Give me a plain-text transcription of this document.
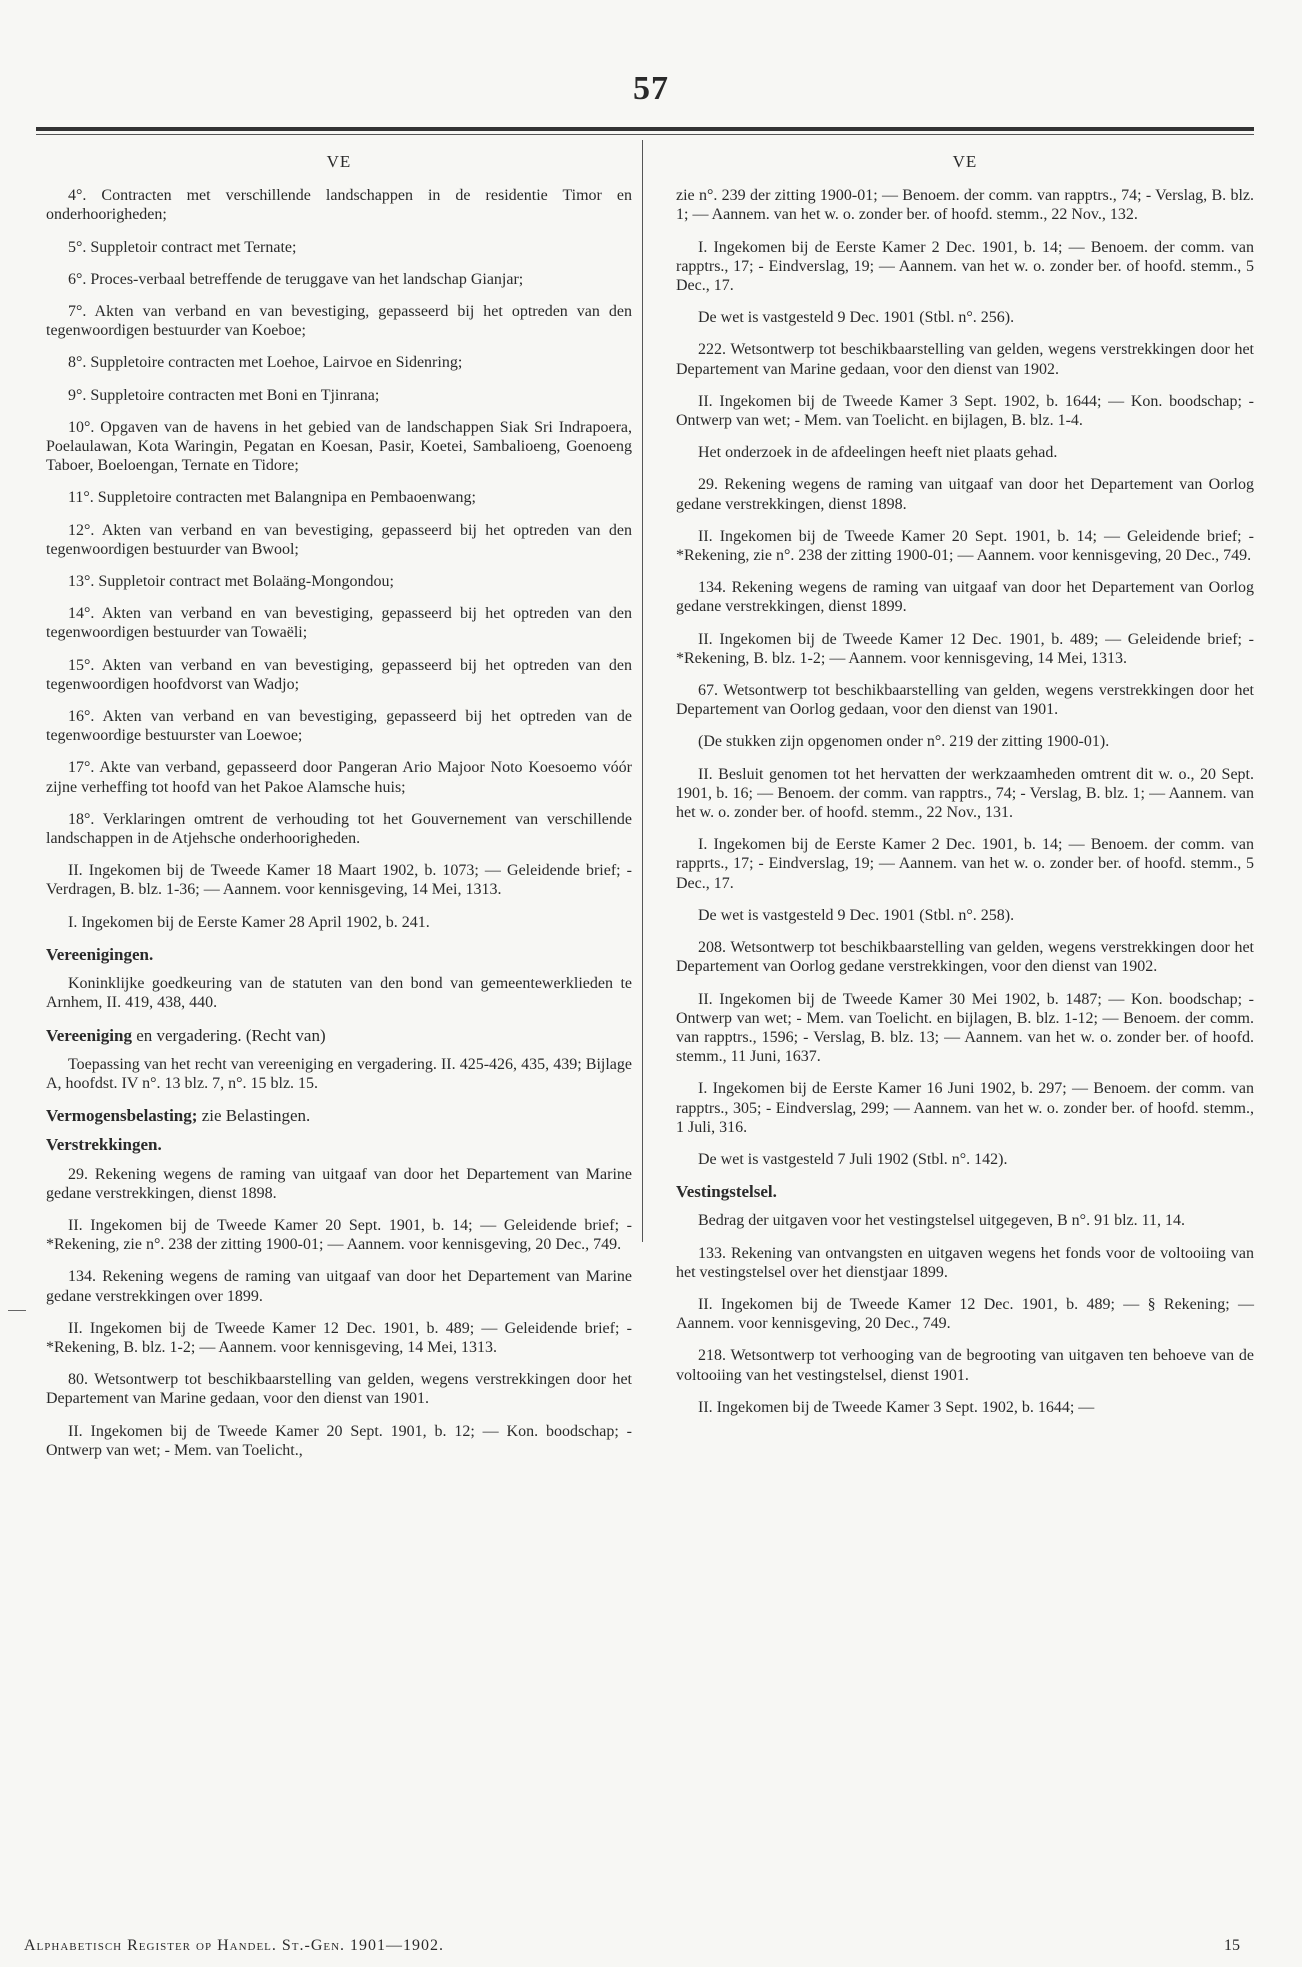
57
VE

4°. Contracten met verschillende landschappen in de residentie Timor en onderhoorigheden;

5°. Suppletoir contract met Ternate;

6°. Proces-verbaal betreffende de teruggave van het landschap Gianjar;

7°. Akten van verband en van bevestiging, gepasseerd bij het optreden van den tegenwoordigen bestuurder van Koeboe;

8°. Suppletoire contracten met Loehoe, Lairvoe en Sidenring;

9°. Suppletoire contracten met Boni en Tjinrana;

10°. Opgaven van de havens in het gebied van de landschappen Siak Sri Indrapoera, Poelaulawan, Kota Waringin, Pegatan en Koesan, Pasir, Koetei, Sambalioeng, Goenoeng Taboer, Boeloengan, Ternate en Tidore;

11°. Suppletoire contracten met Balangnipa en Pembaoenwang;

12°. Akten van verband en van bevestiging, gepasseerd bij het optreden van den tegenwoordigen bestuurder van Bwool;

13°. Suppletoir contract met Bolaäng-Mongondou;

14°. Akten van verband en van bevestiging, gepasseerd bij het optreden van den tegenwoordigen bestuurder van Towaëli;

15°. Akten van verband en van bevestiging, gepasseerd bij het optreden van den tegenwoordigen hoofdvorst van Wadjo;

16°. Akten van verband en van bevestiging, gepasseerd bij het optreden van de tegenwoordige bestuurster van Loewoe;

17°. Akte van verband, gepasseerd door Pangeran Ario Majoor Noto Koesoemo vóór zijne verheffing tot hoofd van het Pakoe Alamsche huis;

18°. Verklaringen omtrent de verhouding tot het Gouvernement van verschillende landschappen in de Atjehsche onderhoorigheden.

II. Ingekomen bij de Tweede Kamer 18 Maart 1902, b. 1073; — Geleidende brief; - Verdragen, B. blz. 1-36; — Aannem. voor kennisgeving, 14 Mei, 1313.

I. Ingekomen bij de Eerste Kamer 28 April 1902, b. 241.

Vereenigingen.

Koninklijke goedkeuring van de statuten van den bond van gemeentewerklieden te Arnhem, II. 419, 438, 440.

Vereeniging en vergadering. (Recht van)

Toepassing van het recht van vereeniging en vergadering. II. 425-426, 435, 439; Bijlage A, hoofdst. IV n°. 13 blz. 7, n°. 15 blz. 15.

Vermogensbelasting; zie Belastingen.
Verstrekkingen.

29. Rekening wegens de raming van uitgaaf van door het Departement van Marine gedane verstrekkingen, dienst 1898.

II. Ingekomen bij de Tweede Kamer 20 Sept. 1901, b. 14; — Geleidende brief; - *Rekening, zie n°. 238 der zitting 1900-01; — Aannem. voor kennisgeving, 20 Dec., 749.

134. Rekening wegens de raming van uitgaaf van door het Departement van Marine gedane verstrekkingen over 1899.

II. Ingekomen bij de Tweede Kamer 12 Dec. 1901, b. 489; — Geleidende brief; - *Rekening, B. blz. 1-2; — Aannem. voor kennisgeving, 14 Mei, 1313.

80. Wetsontwerp tot beschikbaarstelling van gelden, wegens verstrekkingen door het Departement van Marine gedaan, voor den dienst van 1901.

II. Ingekomen bij de Tweede Kamer 20 Sept. 1901, b. 12; — Kon. boodschap; - Ontwerp van wet; - Mem. van Toelicht.,

VE

zie n°. 239 der zitting 1900-01; — Benoem. der comm. van rapptrs., 74; - Verslag, B. blz. 1; — Aannem. van het w. o. zonder ber. of hoofd. stemm., 22 Nov., 132.

I. Ingekomen bij de Eerste Kamer 2 Dec. 1901, b. 14; — Benoem. der comm. van rapptrs., 17; - Eindverslag, 19; — Aannem. van het w. o. zonder ber. of hoofd. stemm., 5 Dec., 17.

De wet is vastgesteld 9 Dec. 1901 (Stbl. n°. 256).

222. Wetsontwerp tot beschikbaarstelling van gelden, wegens verstrekkingen door het Departement van Marine gedaan, voor den dienst van 1902.

II. Ingekomen bij de Tweede Kamer 3 Sept. 1902, b. 1644; — Kon. boodschap; - Ontwerp van wet; - Mem. van Toelicht. en bijlagen, B. blz. 1-4.

Het onderzoek in de afdeelingen heeft niet plaats gehad.

29. Rekening wegens de raming van uitgaaf van door het Departement van Oorlog gedane verstrekkingen, dienst 1898.

II. Ingekomen bij de Tweede Kamer 20 Sept. 1901, b. 14; — Geleidende brief; - *Rekening, zie n°. 238 der zitting 1900-01; — Aannem. voor kennisgeving, 20 Dec., 749.

134. Rekening wegens de raming van uitgaaf van door het Departement van Oorlog gedane verstrekkingen, dienst 1899.

II. Ingekomen bij de Tweede Kamer 12 Dec. 1901, b. 489; — Geleidende brief; - *Rekening, B. blz. 1-2; — Aannem. voor kennisgeving, 14 Mei, 1313.

67. Wetsontwerp tot beschikbaarstelling van gelden, wegens verstrekkingen door het Departement van Oorlog gedaan, voor den dienst van 1901.

(De stukken zijn opgenomen onder n°. 219 der zitting 1900-01).

II. Besluit genomen tot het hervatten der werkzaamheden omtrent dit w. o., 20 Sept. 1901, b. 16; — Benoem. der comm. van rapptrs., 74; - Verslag, B. blz. 1; — Aannem. van het w. o. zonder ber. of hoofd. stemm., 22 Nov., 131.

I. Ingekomen bij de Eerste Kamer 2 Dec. 1901, b. 14; — Benoem. der comm. van rapprts., 17; - Eindverslag, 19; — Aannem. van het w. o. zonder ber. of hoofd. stemm., 5 Dec., 17.

De wet is vastgesteld 9 Dec. 1901 (Stbl. n°. 258).

208. Wetsontwerp tot beschikbaarstelling van gelden, wegens verstrekkingen door het Departement van Oorlog gedane verstrekkingen, voor den dienst van 1902.

II. Ingekomen bij de Tweede Kamer 30 Mei 1902, b. 1487; — Kon. boodschap; - Ontwerp van wet; - Mem. van Toelicht. en bijlagen, B. blz. 1-12; — Benoem. der comm. van rapptrs., 1596; - Verslag, B. blz. 13; — Aannem. van het w. o. zonder ber. of hoofd. stemm., 11 Juni, 1637.

I. Ingekomen bij de Eerste Kamer 16 Juni 1902, b. 297; — Benoem. der comm. van rapptrs., 305; - Eindverslag, 299; — Aannem. van het w. o. zonder ber. of hoofd. stemm., 1 Juli, 316.

De wet is vastgesteld 7 Juli 1902 (Stbl. n°. 142).

Vestingstelsel.

Bedrag der uitgaven voor het vestingstelsel uitgegeven, B n°. 91 blz. 11, 14.

133. Rekening van ontvangsten en uitgaven wegens het fonds voor de voltooiing van het vestingstelsel over het dienstjaar 1899.

II. Ingekomen bij de Tweede Kamer 12 Dec. 1901, b. 489; — § Rekening; — Aannem. voor kennisgeving, 20 Dec., 749.

218. Wetsontwerp tot verhooging van de begrooting van uitgaven ten behoeve van de voltooiing van het vestingstelsel, dienst 1901.

II. Ingekomen bij de Tweede Kamer 3 Sept. 1902, b. 1644; —

Alphabetisch Register op Handel. St.-Gen. 1901—1902.	15
